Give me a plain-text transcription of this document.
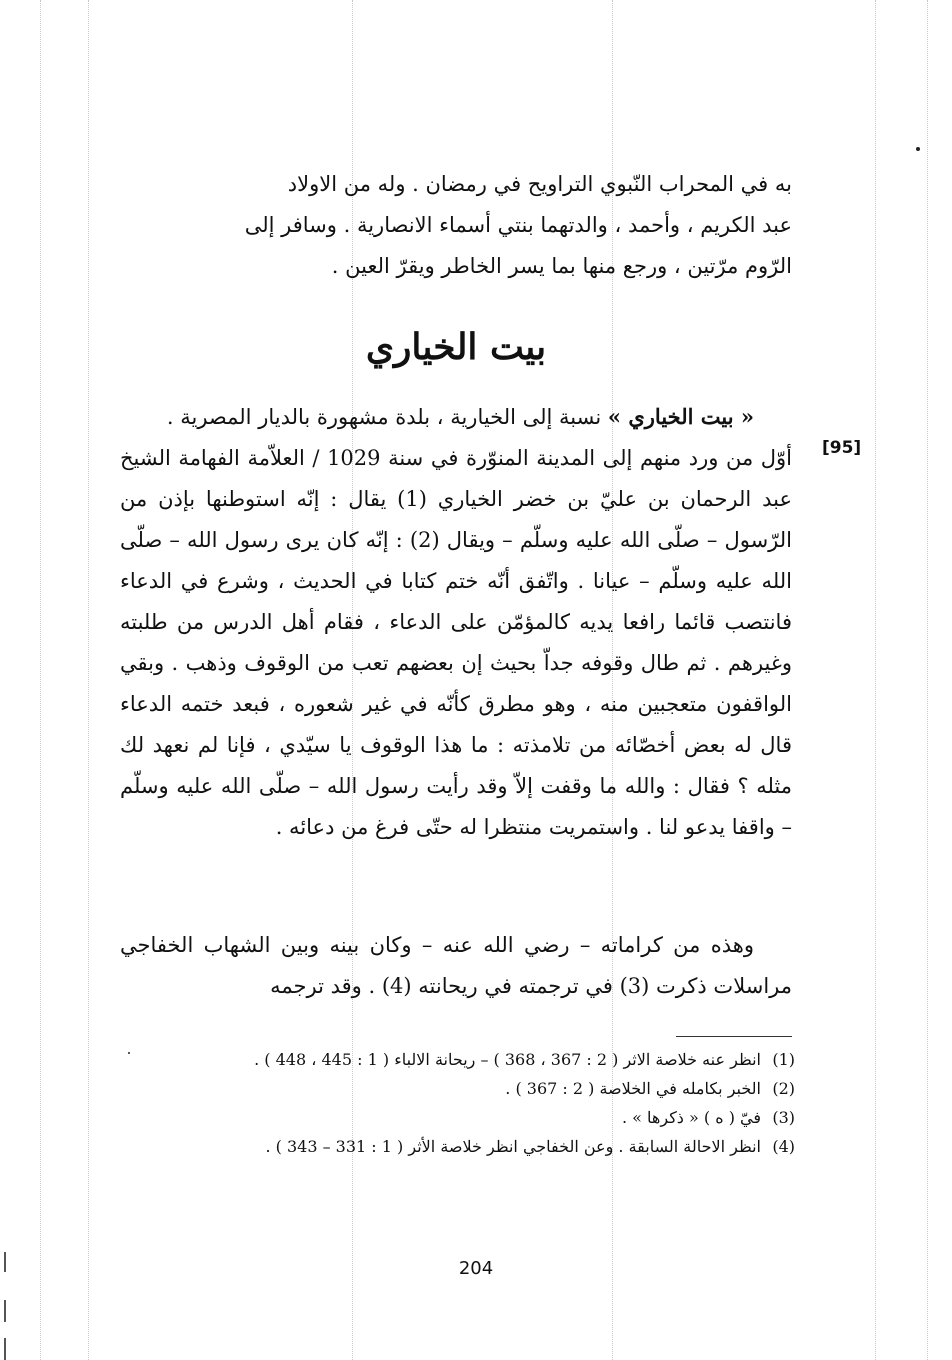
به في المحراب النّبوي التراويح في رمضان . وله من الاولاد

عبد الكريم ، وأحمد ، والدتهما بنتي أسماء الانصارية . وسافر إلى

الرّوم مرّتين ، ورجع منها بما يسر الخاطر ويقرّ العين .

بيت الخياري
[95]

« بيت الخياري » نسبة إلى الخيارية ، بلدة مشهورة بالديار المصرية .

أوّل من ورد منهم إلى المدينة المنوّرة في سنة 1029 / العلاّمة الفهامة الشيخ عبد الرحمان بن عليّ بن خضر الخياري (1) يقال : إنّه استوطنها بإذن من الرّسول – صلّى الله عليه وسلّم – ويقال (2) : إنّه كان يرى رسول الله – صلّى الله عليه وسلّم – عيانا . واتّفق أنّه ختم كتابا في الحديث ، وشرع في الدعاء فانتصب قائما رافعا يديه كالمؤمّن على الدعاء ، فقام أهل الدرس من طلبته وغيرهم . ثم طال وقوفه جداّ بحيث إن بعضهم تعب من الوقوف وذهب . وبقي الواقفون متعجبين منه ، وهو مطرق كأنّه في غير شعوره ، فبعد ختمه الدعاء قال له بعض أخصّائه من تلامذته : ما هذا الوقوف يا سيّدي ، فإنا لم نعهد لك مثله ؟ فقال : والله ما وقفت إلاّ وقد رأيت رسول الله – صلّى الله عليه وسلّم – واقفا يدعو لنا . واستمريت منتظرا له حتّى فرغ من دعائه .

وهذه من كراماته – رضي الله عنه – وكان بينه وبين الشهاب الخفاجي مراسلات ذكرت (3) في ترجمته في ريحانته (4) . وقد ترجمه

(1)
انظر عنه خلاصة الاثر ( 2 : 367 ، 368 ) – ريحانة الالباء ( 1 : 445 ، 448 ) .
(2)
الخبر بكامله في الخلاصة ( 2 : 367 ) .
(3)
فيّ ( ه ) « ذكرها » .
(4)
انظر الاحالة السابقة . وعن الخفاجي انظر خلاصة الأثر ( 1 : 331 – 343 ) .
204
